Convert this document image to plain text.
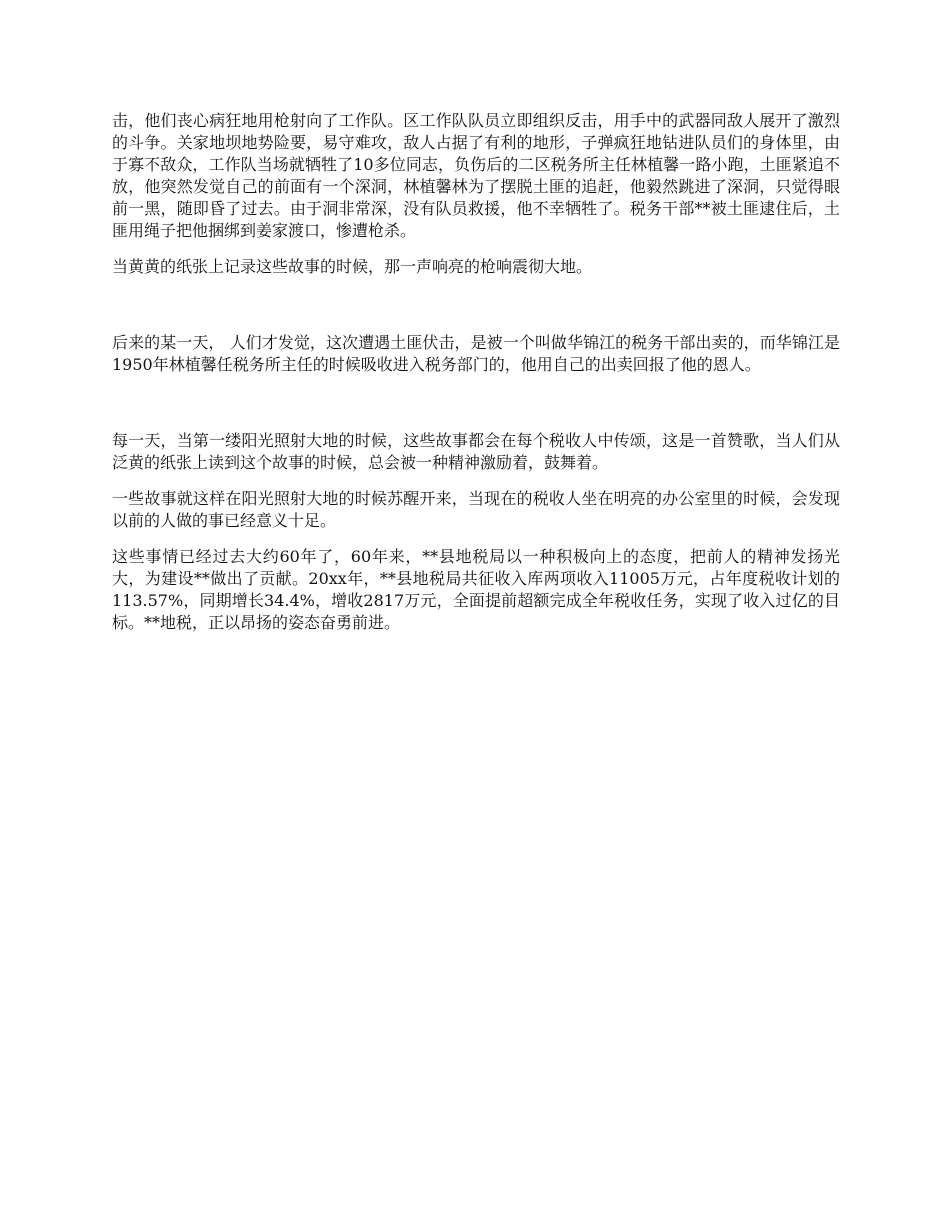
击，他们丧心病狂地用枪射向了工作队。区工作队队员立即组织反击，用手中的武器同敌人展开了激烈的斗争。关家地坝地势险要，易守难攻，敌人占据了有利的地形，子弹疯狂地钻进队员们的身体里，由于寡不敌众，工作队当场就牺牲了10多位同志，负伤后的二区税务所主任林植馨一路小跑，土匪紧追不放，他突然发觉自己的前面有一个深洞，林植馨林为了摆脱土匪的追赶，他毅然跳进了深洞，只觉得眼前一黑，随即昏了过去。由于洞非常深，没有队员救援，他不幸牺牲了。税务干部**被土匪逮住后，土匪用绳子把他捆绑到姜家渡口，惨遭枪杀。

当黄黄的纸张上记录这些故事的时候，那一声响亮的枪响震彻大地。

后来的某一天， 人们才发觉，这次遭遇土匪伏击，是被一个叫做华锦江的税务干部出卖的，而华锦江是1950年林植馨任税务所主任的时候吸收进入税务部门的，他用自己的出卖回报了他的恩人。

每一天，当第一缕阳光照射大地的时候，这些故事都会在每个税收人中传颂，这是一首赞歌，当人们从泛黄的纸张上读到这个故事的时候，总会被一种精神激励着，鼓舞着。

一些故事就这样在阳光照射大地的时候苏醒开来，当现在的税收人坐在明亮的办公室里的时候，会发现以前的人做的事已经意义十足。

这些事情已经过去大约60年了，60年来，**县地税局以一种积极向上的态度，把前人的精神发扬光大，为建设**做出了贡献。20xx年，**县地税局共征收入库两项收入11005万元，占年度税收计划的113.57%，同期增长34.4%，增收2817万元，全面提前超额完成全年税收任务，实现了收入过亿的目标。**地税，正以昂扬的姿态奋勇前进。
